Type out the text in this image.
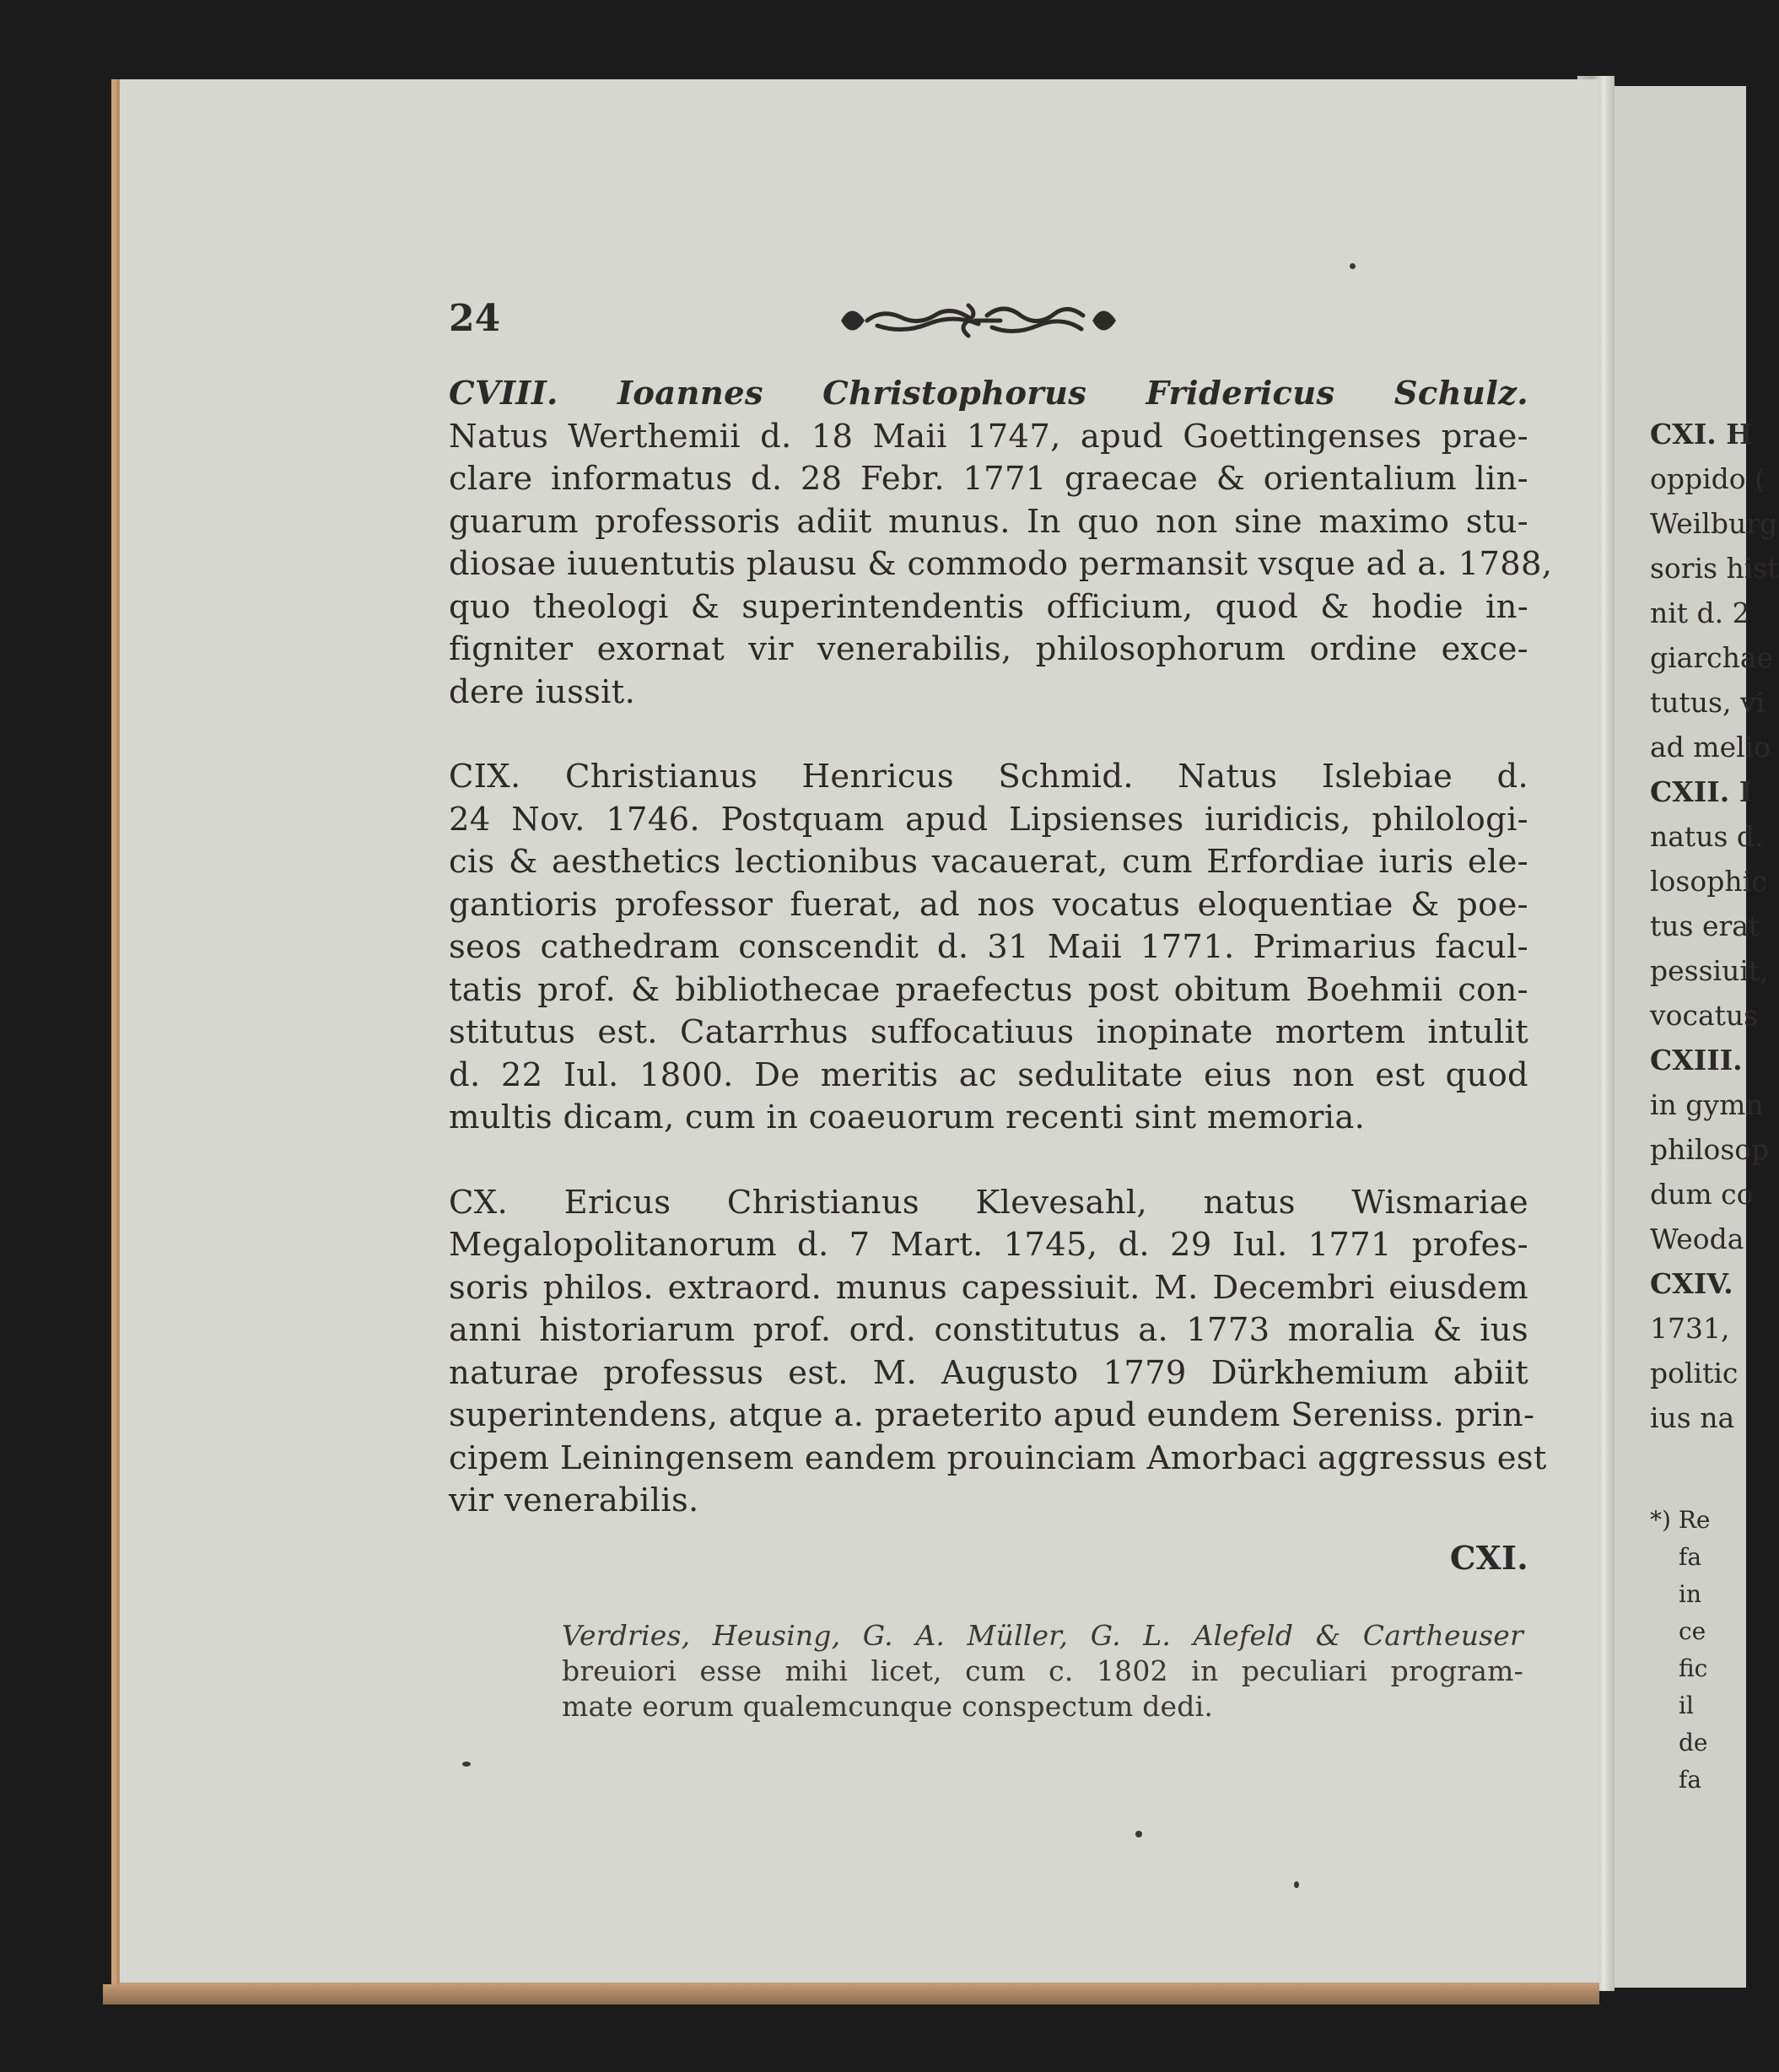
24
CVIII. Ioannes Christophorus Fridericus Schulz.
Natus Werthemii d. 18 Maii 1747, apud Goettingenses prae-
clare informatus d. 28 Febr. 1771 graecae & orientalium lin-
guarum professoris adiit munus. In quo non sine maximo stu-
diosae iuuentutis plausu & commodo permansit vsque ad a. 1788,
quo theologi & superintendentis officium, quod & hodie in-
figniter exornat vir venerabilis, philosophorum ordine exce-
dere iussit.
CIX. Christianus Henricus Schmid. Natus Islebiae d.
24 Nov. 1746. Postquam apud Lipsienses iuridicis, philologi-
cis & aesthetics lectionibus vacauerat, cum Erfordiae iuris ele-
gantioris professor fuerat, ad nos vocatus eloquentiae & poe-
seos cathedram conscendit d. 31 Maii 1771. Primarius facul-
tatis prof. & bibliothecae praefectus post obitum Boehmii con-
stitutus est. Catarrhus suffocatiuus inopinate mortem intulit
d. 22 Iul. 1800. De meritis ac sedulitate eius non est quod
multis dicam, cum in coaeuorum recenti sint memoria.
CX. Ericus Christianus Klevesahl, natus Wismariae
Megalopolitanorum d. 7 Mart. 1745, d. 29 Iul. 1771 profes-
soris philos. extraord. munus capessiuit. M. Decembri eiusdem
anni historiarum prof. ord. constitutus a. 1773 moralia & ius
naturae professus est. M. Augusto 1779 Dürkhemium abiit
superintendens, atque a. praeterito apud eundem Sereniss. prin-
cipem Leiningensem eandem prouinciam Amorbaci aggressus est
vir venerabilis.
CXI.
Verdries, Heusing, G. A. Müller, G. L. Alefeld & Cartheuser
breuiori esse mihi licet, cum c. 1802 in peculiari program-
mate eorum qualemcunque conspectum dedi.
CXI. H
oppido (
Weilburg
soris hist
nit d. 2
giarchae
tutus, vi
ad melio
CXII. I
natus d.
losophic
tus erat
pessiuit,
vocatus
CXIII.
in gymn
philosop
dum co
Weoda
CXIV.
1731,
politic
ius na
*) Re
fa
in
ce
fic
il
de
fa
